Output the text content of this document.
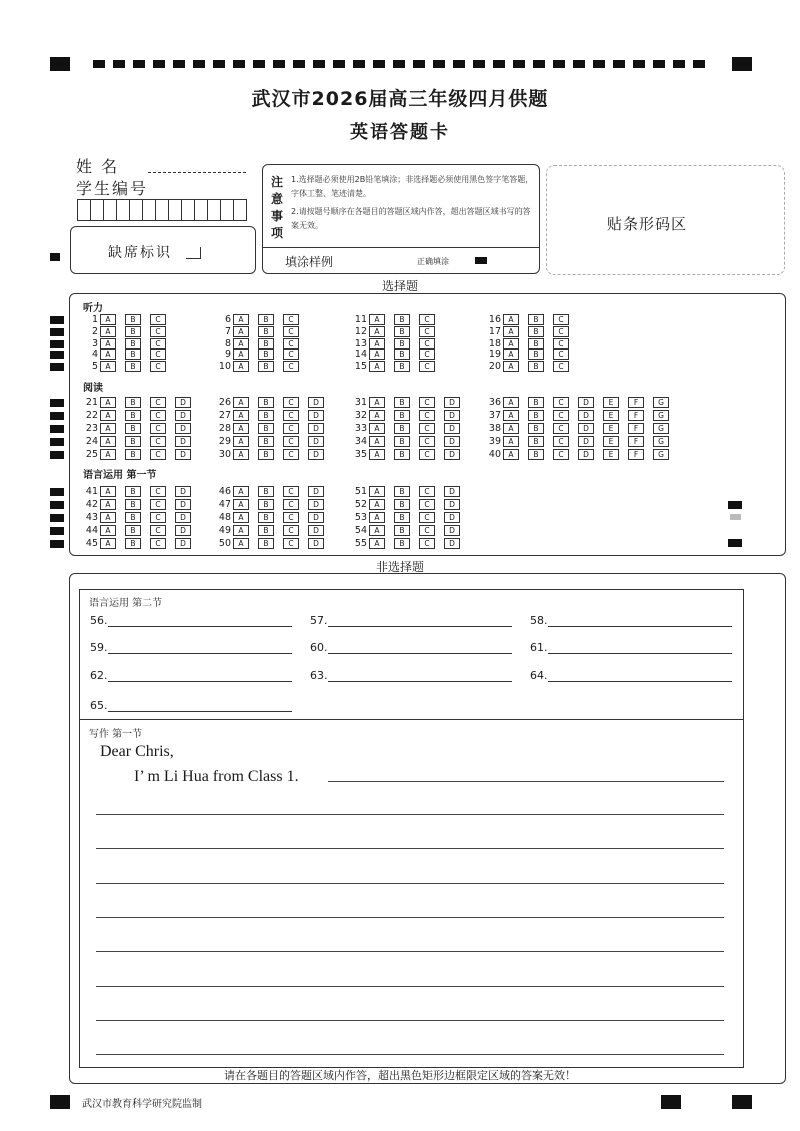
武汉市2026届高三年级四月供题
英语答题卡
姓 名
学生编号
缺席标识
注
意
事
项
1.选择题必须使用2B铅笔填涂；非选择题必须使用黑色签字笔答题，字体工整、笔迹清楚。
2.请按题号顺序在各题目的答题区域内作答，超出答题区域书写的答案无效。
填涂样例	正确填涂
贴条形码区
选择题
听力
阅读
语言运用 第一节
1 A	B	C
2 A	B	C
3 A	B	C
4 A	B	C
5 A	B	C
6 A	B	C
7 A	B	C
8 A	B	C
9 A	B	C
10 A	B	C
11 A	B	C
12 A	B	C
13 A	B	C
14 A	B	C
15 A	B	C
16 A	B	C
17 A	B	C
18 A	B	C
19 A	B	C
20 A	B	C
21 A	B	C	D
22 A	B	C	D
23 A	B	C	D
24 A	B	C	D
25 A	B	C	D
26 A	B	C	D
27 A	B	C	D
28 A	B	C	D
29 A	B	C	D
30 A	B	C	D
31 A	B	C	D
32 A	B	C	D
33 A	B	C	D
34 A	B	C	D
35 A	B	C	D
36 A	B	C	D	E	F	G
37 A	B	C	D	E	F	G
38 A	B	C	D	E	F	G
39 A	B	C	D	E	F	G
40 A	B	C	D	E	F	G
41 A	B	C	D
42 A	B	C	D
43 A	B	C	D
44 A	B	C	D
45 A	B	C	D
46 A	B	C	D
47 A	B	C	D
48 A	B	C	D
49 A	B	C	D
50 A	B	C	D
51 A	B	C	D
52 A	B	C	D
53 A	B	C	D
54 A	B	C	D
55 A	B	C	D
非选择题
语言运用 第二节
56.	57.	58.
59.	60.	61.
62.	63.	64.
65.
写作 第一节
Dear Chris,
I’ m Li Hua from Class 1.
请在各题目的答题区域内作答，超出黑色矩形边框限定区域的答案无效！
武汉市教育科学研究院监制
